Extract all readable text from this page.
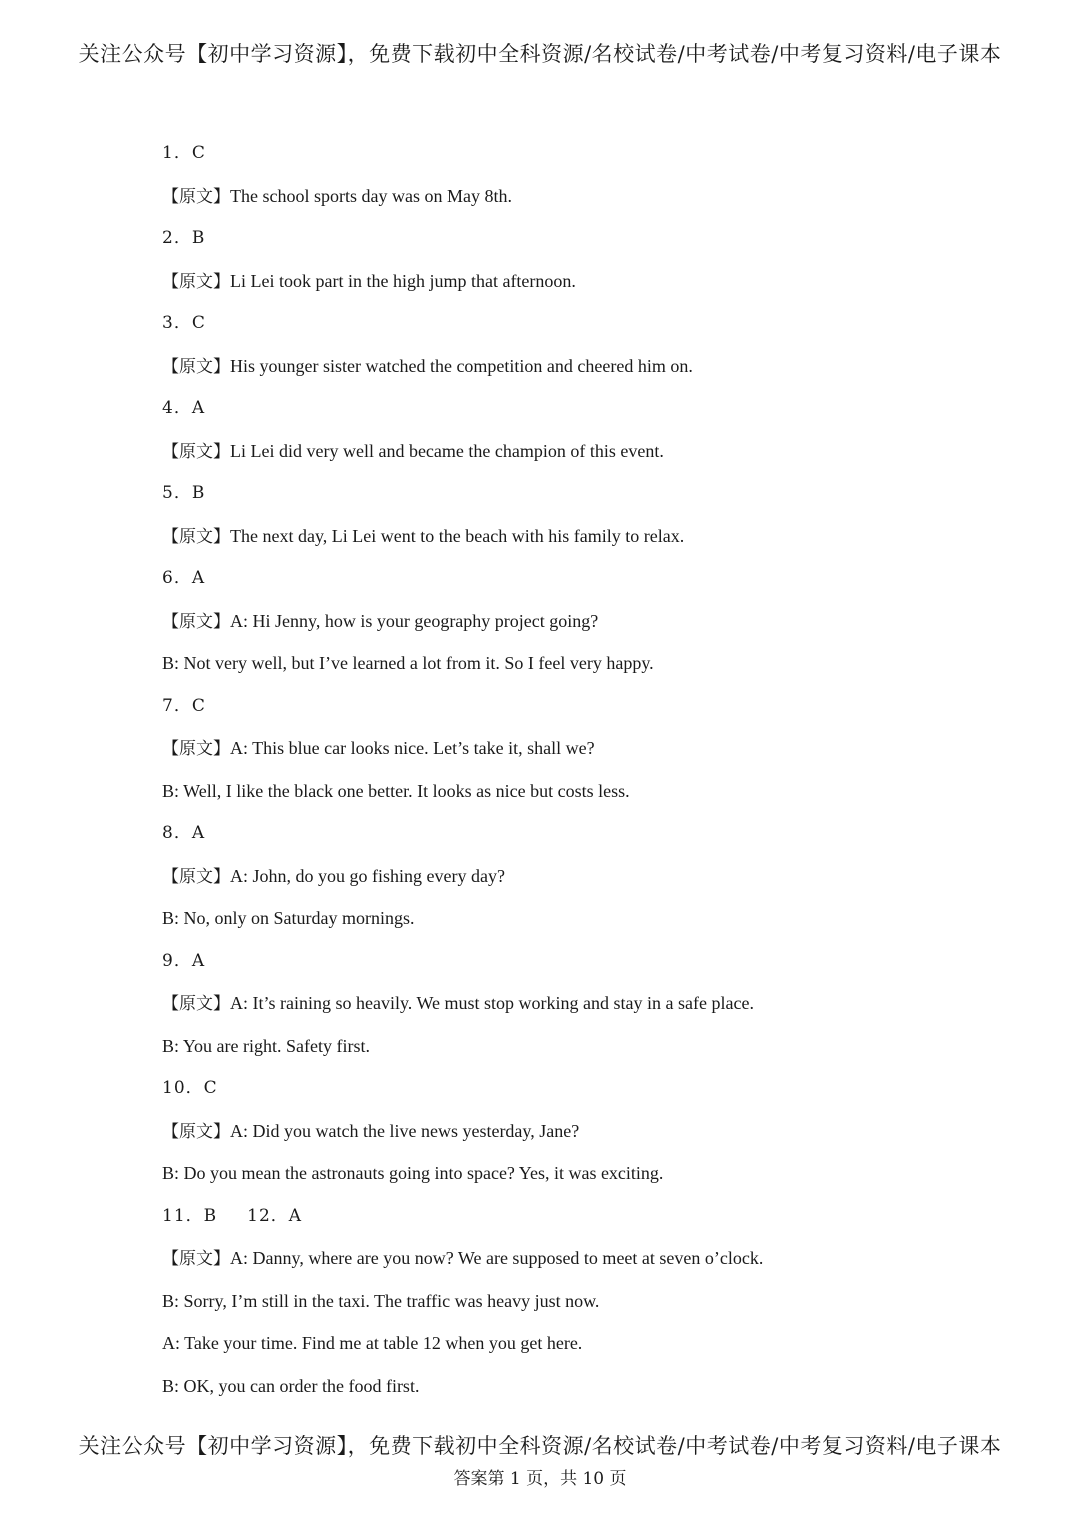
关注公众号【初中学习资源】，免费下载初中全科资源/名校试卷/中考试卷/中考复习资料/电子课本
1．C
【原文】The school sports day was on May 8th.
2．B
【原文】Li Lei took part in the high jump that afternoon.
3．C
【原文】His younger sister watched the competition and cheered him on.
4．A
【原文】Li Lei did very well and became the champion of this event.
5．B
【原文】The next day, Li Lei went to the beach with his family to relax.
6．A
【原文】A: Hi Jenny, how is your geography project going?
B: Not very well, but I’ve learned a lot from it. So I feel very happy.
7．C
【原文】A: This blue car looks nice. Let’s take it, shall we?
B: Well, I like the black one better. It looks as nice but costs less.
8．A
【原文】A: John, do you go fishing every day?
B: No, only on Saturday mornings.
9．A
【原文】A: It’s raining so heavily. We must stop working and stay in a safe place.
B: You are right. Safety first.
10．C
【原文】A: Did you watch the live news yesterday, Jane?
B: Do you mean the astronauts going into space? Yes, it was exciting.
11．B 12．A
【原文】A: Danny, where are you now? We are supposed to meet at seven o’clock.
B: Sorry, I’m still in the taxi. The traffic was heavy just now.
A: Take your time. Find me at table 12 when you get here.
B: OK, you can order the food first.
关注公众号【初中学习资源】，免费下载初中全科资源/名校试卷/中考试卷/中考复习资料/电子课本
答案第 1 页，共 10 页
